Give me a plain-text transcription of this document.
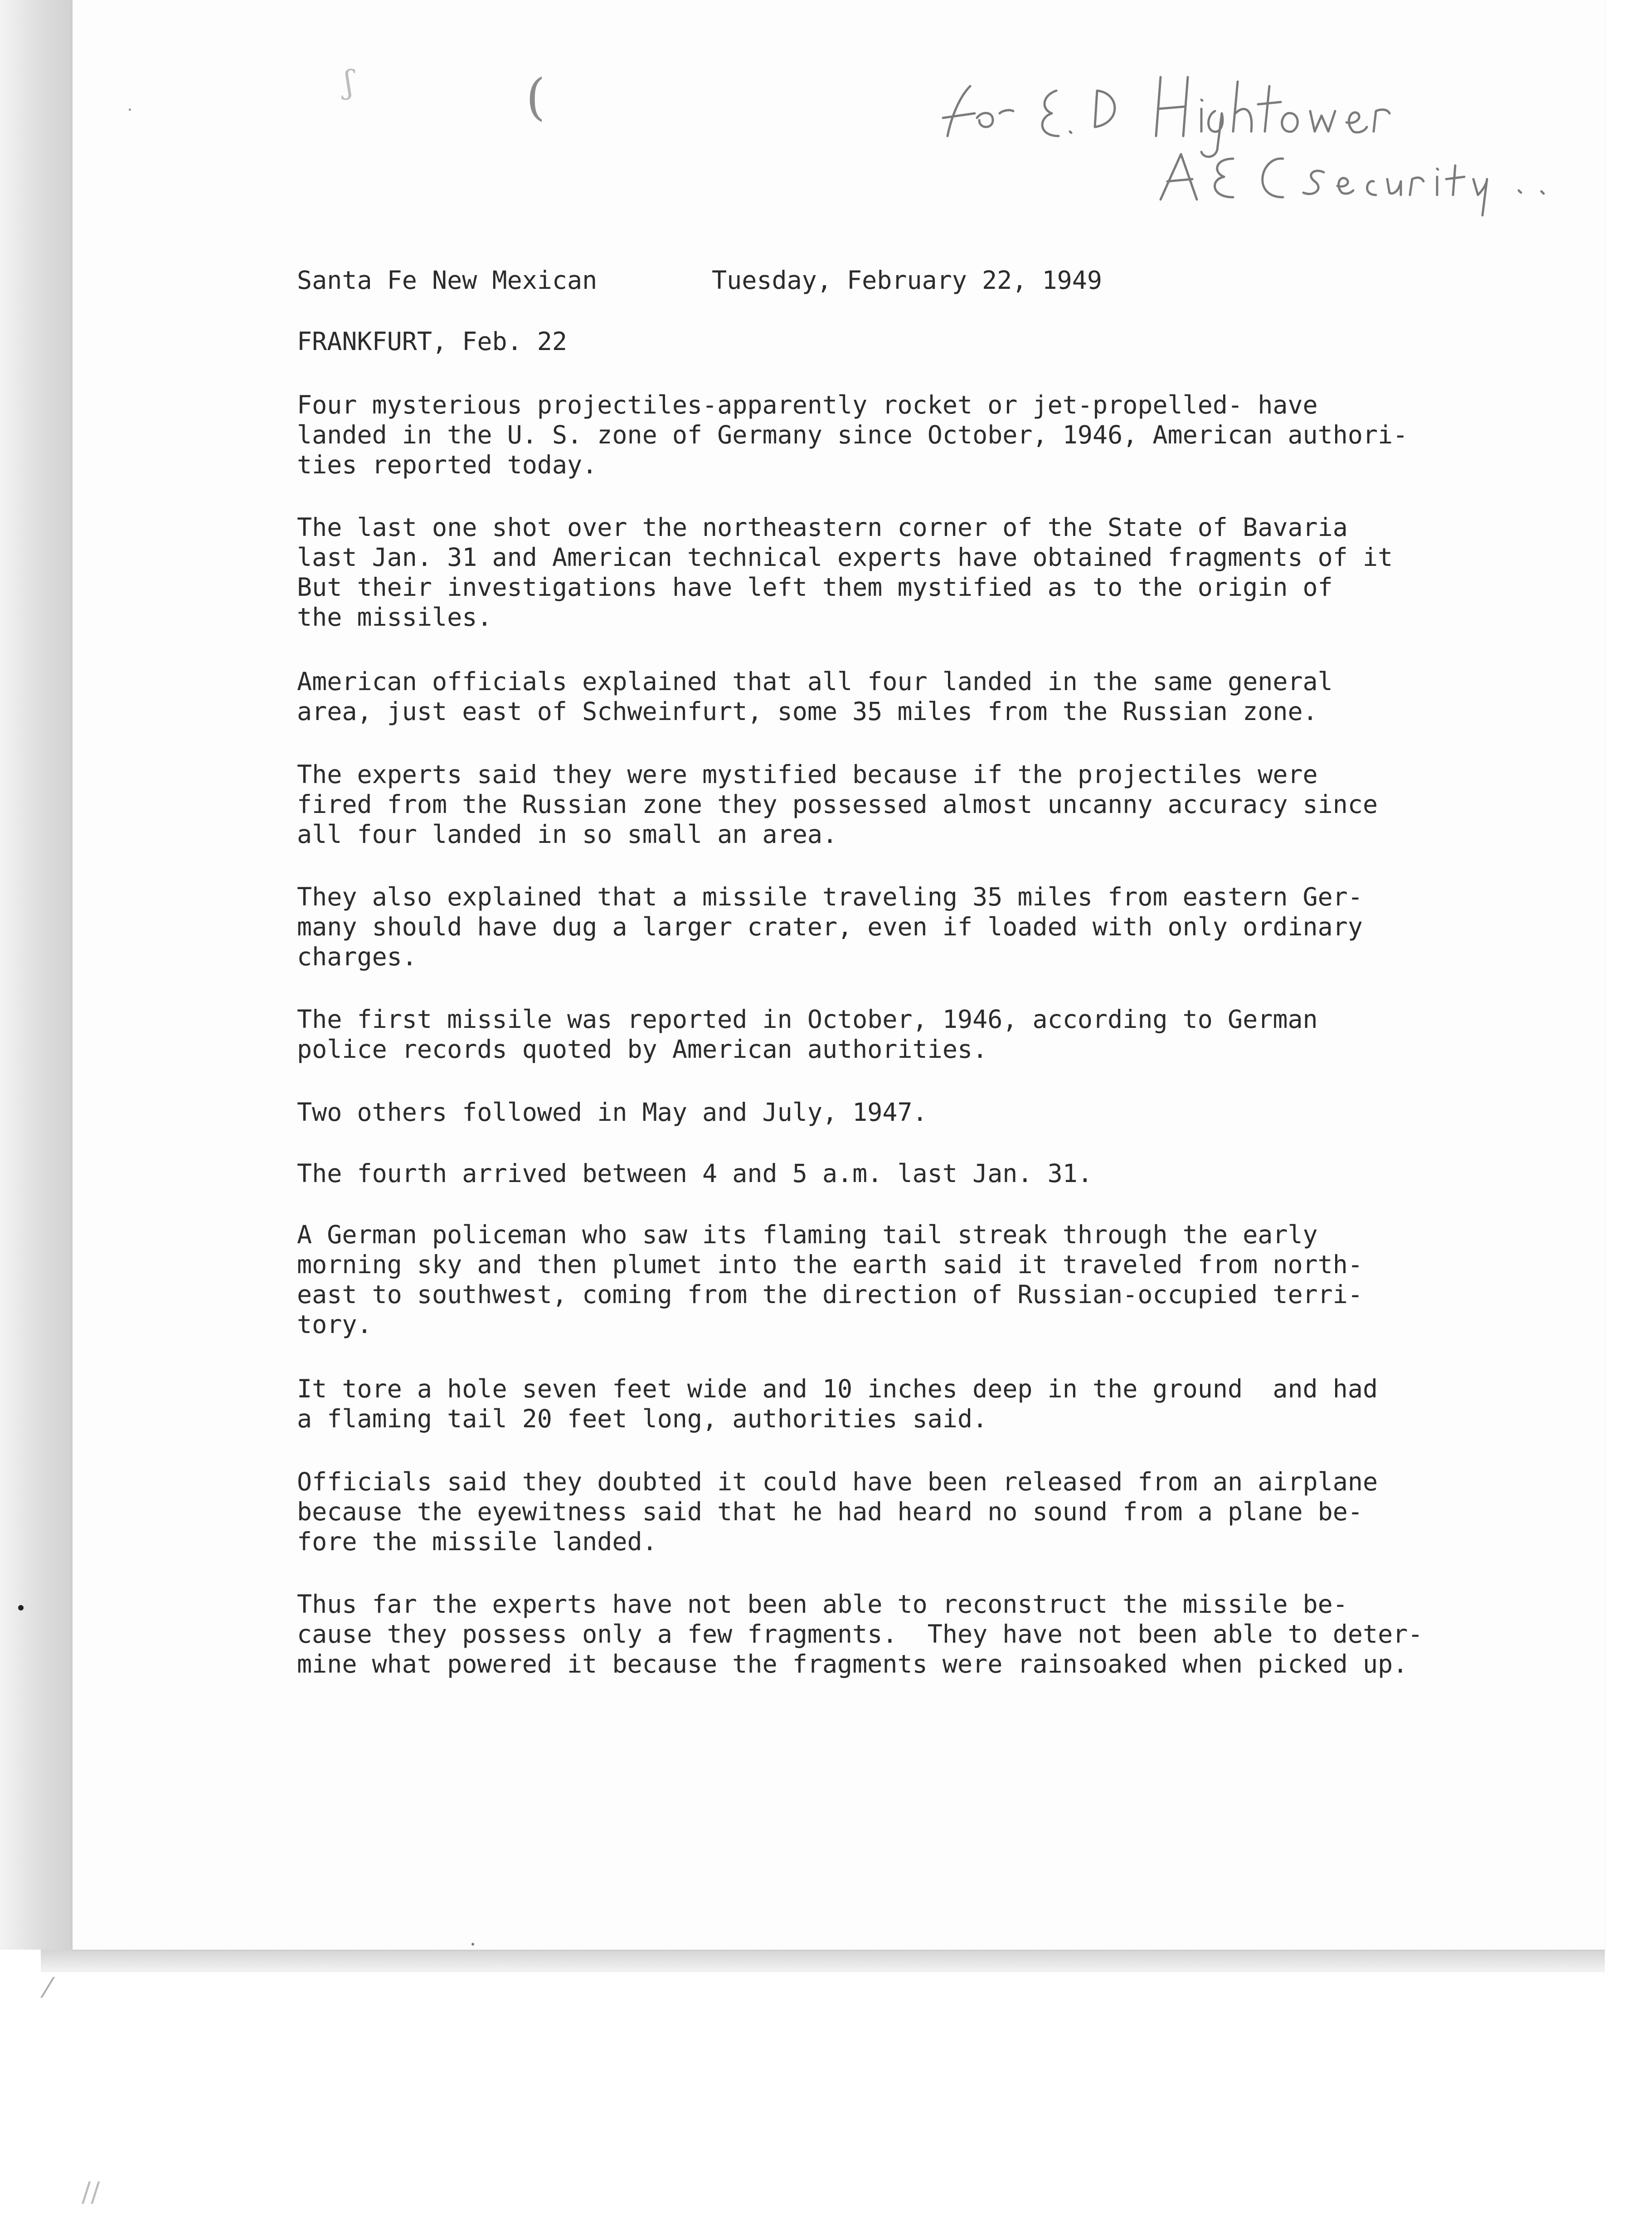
·
ʃ	(
Santa Fe New Mexican	Tuesday, February 22, 1949
FRANKFURT, Feb. 22
Four mysterious projectiles-apparently rocket or jet-propelled- have
landed in the U. S. zone of Germany since October, 1946, American authori-
ties reported today.
The last one shot over the northeastern corner of the State of Bavaria
last Jan. 31 and American technical experts have obtained fragments of it
But their investigations have left them mystified as to the origin of
the missiles.
American officials explained that all four landed in the same general
area, just east of Schweinfurt, some 35 miles from the Russian zone.
The experts said they were mystified because if the projectiles were
fired from the Russian zone they possessed almost uncanny accuracy since
all four landed in so small an area.
They also explained that a missile traveling 35 miles from eastern Ger-
many should have dug a larger crater, even if loaded with only ordinary
charges.
The first missile was reported in October, 1946, according to German
police records quoted by American authorities.
Two others followed in May and July, 1947.
The fourth arrived between 4 and 5 a.m. last Jan. 31.
A German policeman who saw its flaming tail streak through the early
morning sky and then plumet into the earth said it traveled from north-
east to southwest, coming from the direction of Russian-occupied terri-
tory.
It tore a hole seven feet wide and 10 inches deep in the ground  and had
a flaming tail 20 feet long, authorities said.
Officials said they doubted it could have been released from an airplane
because the eyewitness said that he had heard no sound from a plane be-
fore the missile landed.
Thus far the experts have not been able to reconstruct the missile be-
cause they possess only a few fragments.  They have not been able to deter-
mine what powered it because the fragments were rainsoaked when picked up.
⁄
//
